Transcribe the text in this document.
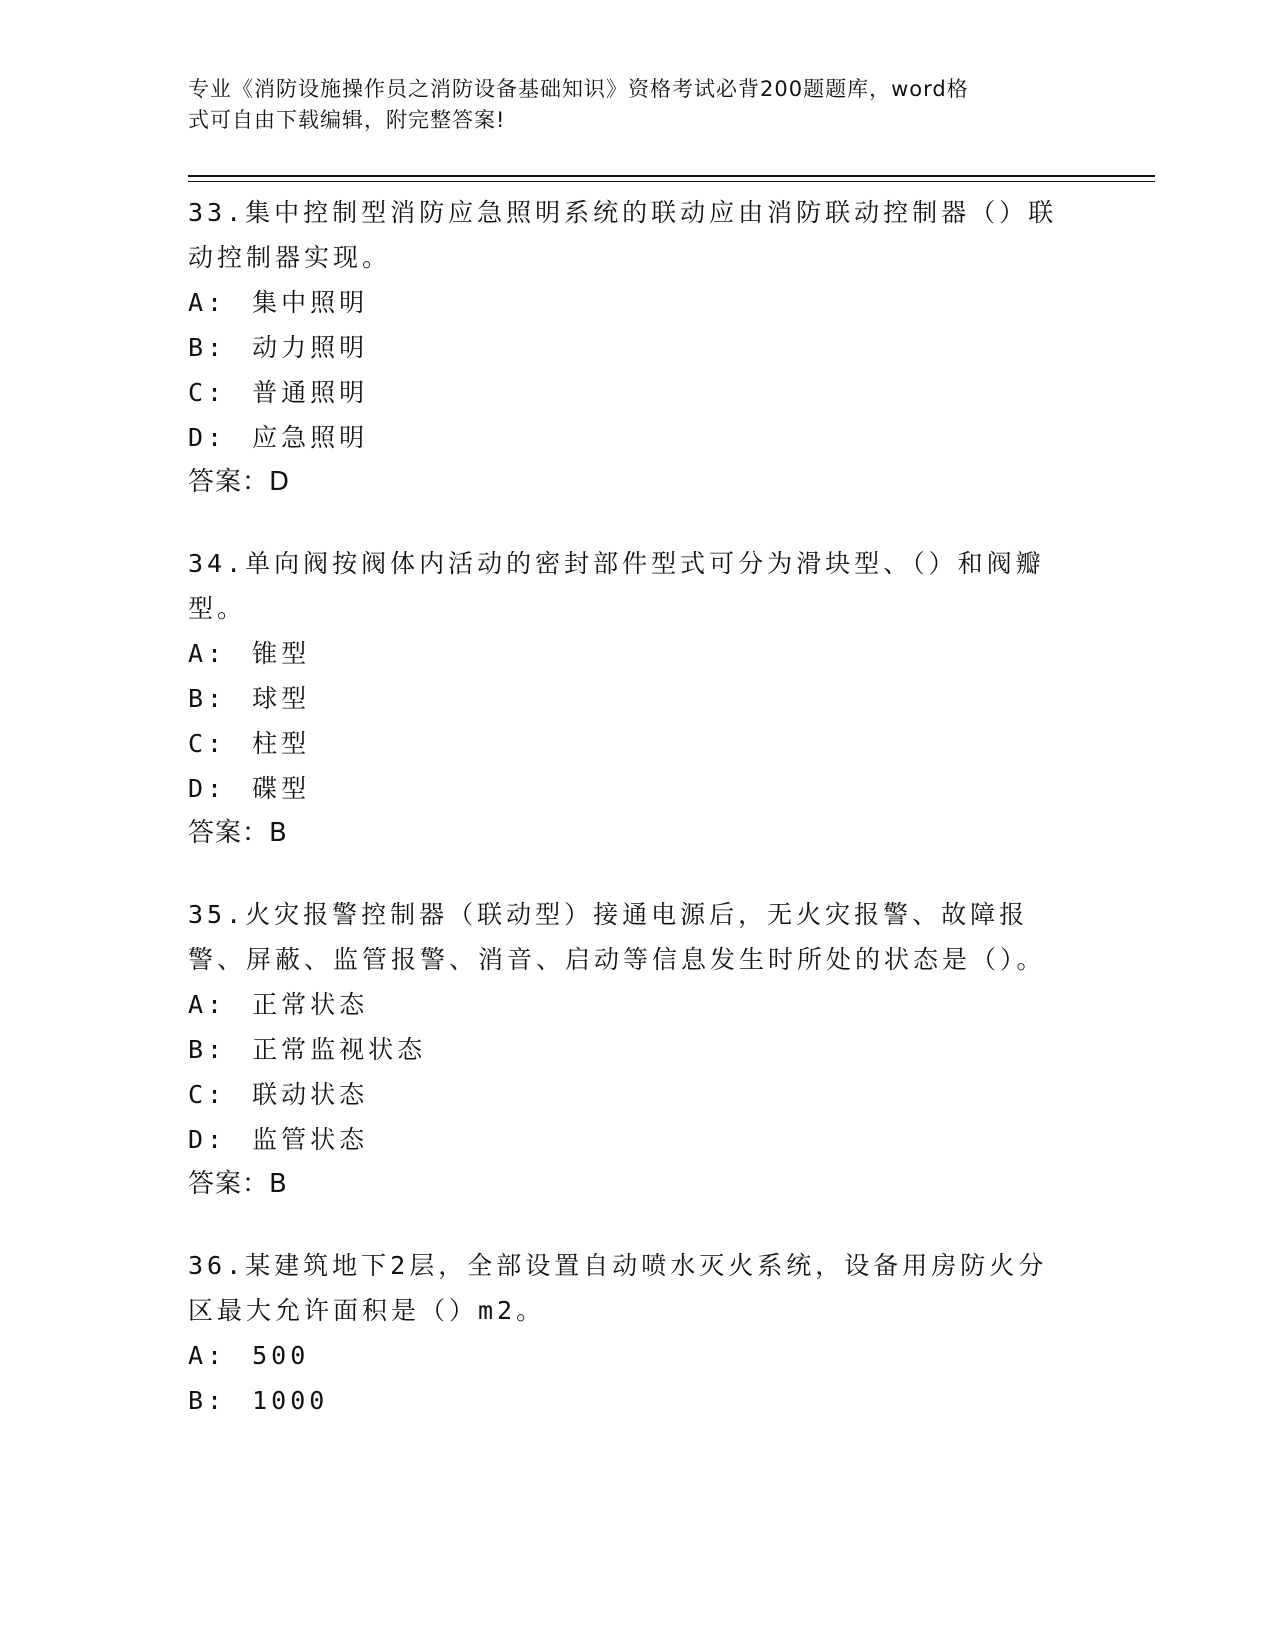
专业《消防设施操作员之消防设备基础知识》资格考试必背200题题库，word格
式可自由下载编辑，附完整答案!
33.集中控制型消防应急照明系统的联动应由消防联动控制器（）联动控制器实现。
A: 集中照明
B: 动力照明
C: 普通照明
D: 应急照明
答案：D
34.单向阀按阀体内活动的密封部件型式可分为滑块型、（）和阀瓣型。
A: 锥型
B: 球型
C: 柱型
D: 碟型
答案：B
35.火灾报警控制器（联动型）接通电源后，无火灾报警、故障报警、屏蔽、监管报警、消音、启动等信息发生时所处的状态是（）。
A: 正常状态
B: 正常监视状态
C: 联动状态
D: 监管状态
答案：B
36.某建筑地下2层，全部设置自动喷水灭火系统，设备用房防火分区最大允许面积是（）m2。
A: 500
B: 1000
